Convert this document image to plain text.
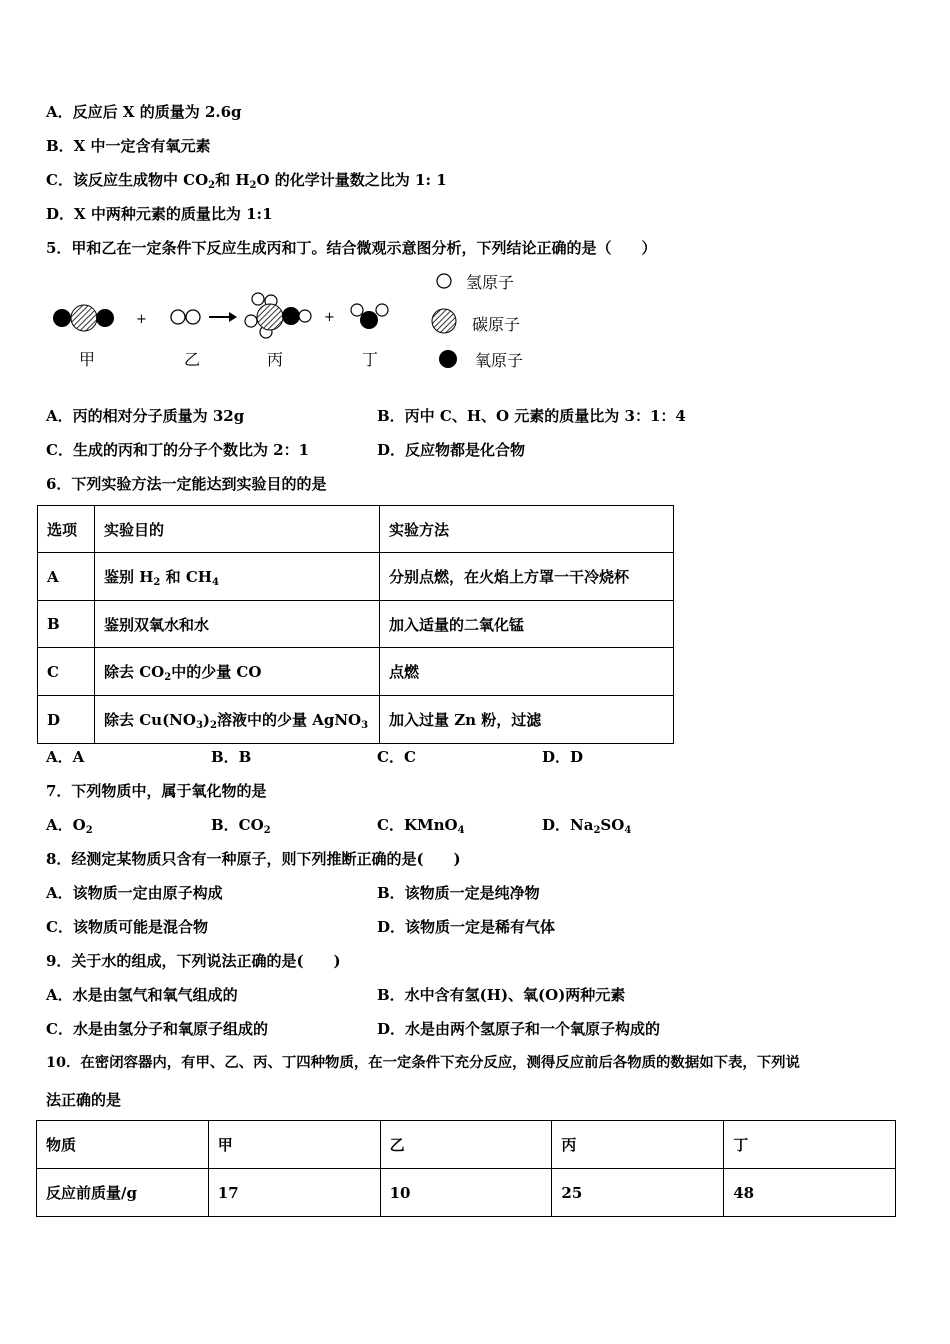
A．反应后 X 的质量为 2.6g
B．X 中一定含有氧元素
C．该反应生成物中 $CO_2$和 $H_2O$ 的化学计量数之比为 1: 1
D．X 中两种元素的质量比为 1:1
5．甲和乙在一定条件下反应生成丙和丁。结合微观示意图分析，下列结论正确的是（　　）
+	+
氢原子
碳原子
氧原子
甲	乙	丙	丁
A．丙的相对分子质量为 32g	B．丙中 C、H、O 元素的质量比为 3：1：4
C．生成的丙和丁的分子个数比为 2：1	D．反应物都是化合物
6．下列实验方法一定能达到实验目的的是
选项	实验目的	实验方法
A	鉴别 $H_2$ 和 $CH_4$	分别点燃，在火焰上方罩一干冷烧杯
B	鉴别双氧水和水	加入适量的二氧化锰
C	除去 $CO_2$中的少量 CO	点燃
D	除去 $Cu(NO_3)_2$溶液中的少量 AgNO$_3$	加入过量 Zn 粉，过滤
A．A	B．B	C．C	D．D
7．下列物质中，属于氧化物的是
A．$O_2$	B．$CO_2$	C．KMnO$_4$	D．$Na_2SO_4$
8．经测定某物质只含有一种原子，则下列推断正确的是(　　)
A．该物质一定由原子构成	B．该物质一定是纯净物
C．该物质可能是混合物	D．该物质一定是稀有气体
9．关于水的组成，下列说法正确的是(　　)
A．水是由氢气和氧气组成的	B．水中含有氢(H)、氧(O)两种元素
C．水是由氢分子和氧原子组成的	D．水是由两个氢原子和一个氧原子构成的
10．在密闭容器内，有甲、乙、丙、丁四种物质，在一定条件下充分反应，测得反应前后各物质的数据如下表，下列说
法正确的是
物质	甲	乙	丙	丁
反应前质量/g	17	10	25	48
